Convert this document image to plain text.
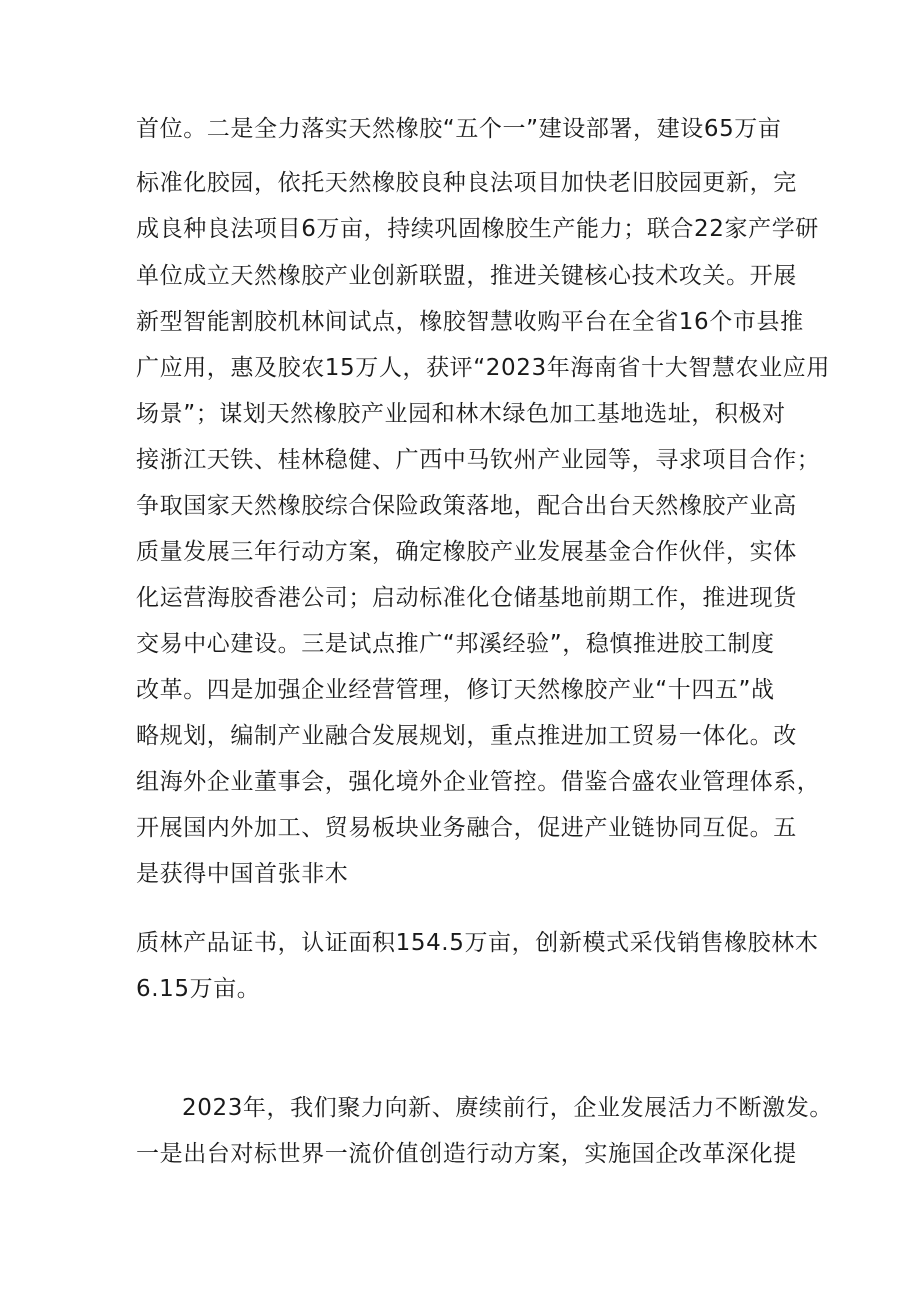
首位。二是全力落实天然橡胶“五个一”建设部署，建设65万亩
标准化胶园，依托天然橡胶良种良法项目加快老旧胶园更新，完
成良种良法项目6万亩，持续巩固橡胶生产能力；联合22家产学研
单位成立天然橡胶产业创新联盟，推进关键核心技术攻关。开展
新型智能割胶机林间试点，橡胶智慧收购平台在全省16个市县推
广应用，惠及胶农15万人，获评“2023年海南省十大智慧农业应用
场景”；谋划天然橡胶产业园和林木绿色加工基地选址，积极对
接浙江天铁、桂林稳健、广西中马钦州产业园等，寻求项目合作；
争取国家天然橡胶综合保险政策落地，配合出台天然橡胶产业高
质量发展三年行动方案，确定橡胶产业发展基金合作伙伴，实体
化运营海胶香港公司；启动标准化仓储基地前期工作，推进现货
交易中心建设。三是试点推广“邦溪经验”，稳慎推进胶工制度
改革。四是加强企业经营管理，修订天然橡胶产业“十四五”战
略规划，编制产业融合发展规划，重点推进加工贸易一体化。改
组海外企业董事会，强化境外企业管控。借鉴合盛农业管理体系，
开展国内外加工、贸易板块业务融合，促进产业链协同互促。五
是获得中国首张非木
质林产品证书，认证面积154.5万亩，创新模式采伐销售橡胶林木
6.15万亩。
2023年，我们聚力向新、赓续前行，企业发展活力不断激发。
一是出台对标世界一流价值创造行动方案，实施国企改革深化提
